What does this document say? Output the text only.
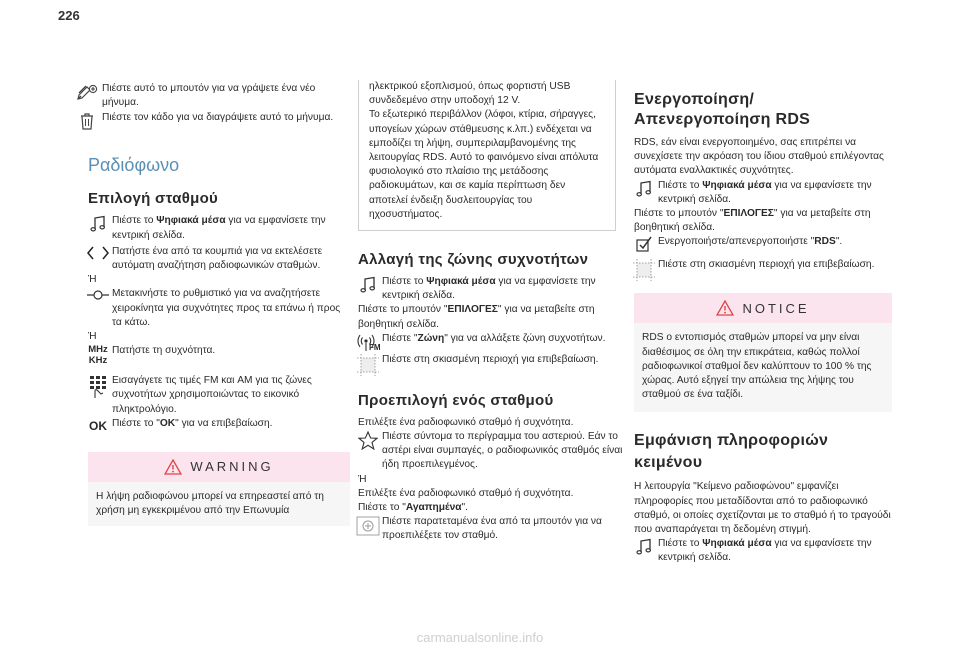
226

Πιέστε αυτό το μπουτόν για να γράψετε ένα νέο μήνυμα.

Πιέστε τον κάδο για να διαγράψετε αυτό το μήνυμα.

Ραδιόφωνο
Επιλογή σταθμού

Πιέστε το Ψηφιακά μέσα για να εμφανίσετε την κεντρική σελίδα.

Πατήστε ένα από τα κουμπιά για να εκτελέσετε αυτόματη αναζήτηση ραδιοφωνικών σταθμών.

Ή

Μετακινήστε το ρυθμιστικό για να αναζητήσετε χειροκίνητα για συχνότητες προς τα επάνω ή προς τα κάτω.

Ή

MHz
KHz

Πατήστε τη συχνότητα.

Εισαγάγετε τις τιμές FM και AM για τις ζώνες συχνοτήτων χρησιμοποιώντας το εικονικό πληκτρολόγιο.

OK Πιέστε το "OK" για να επιβεβαίωση.

WARNING

Η λήψη ραδιοφώνου μπορεί να επηρεαστεί από τη χρήση μη εγκεκριμένου από την Επωνυμία

ηλεκτρικού εξοπλισμού, όπως φορτιστή USB συνδεδεμένο στην υποδοχή 12 V.
Το εξωτερικό περιβάλλον (λόφοι, κτίρια, σήραγγες, υπογείων χώρων στάθμευσης κ.λπ.) ενδέχεται να εμποδίζει τη λήψη, συμπεριλαμβανομένης της λειτουργίας RDS. Αυτό το φαινόμενο είναι απόλυτα φυσιολογικό στο πλαίσιο της μετάδοσης ραδιοκυμάτων, και σε καμία περίπτωση δεν αποτελεί ένδειξη δυσλειτουργίας του ηχοσυστήματος.

Αλλαγή της ζώνης συχνοτήτων

Πιέστε το Ψηφιακά μέσα για να εμφανίσετε την κεντρική σελίδα.

Πιέστε το μπουτόν "ΕΠΙΛΟΓΕΣ" για να μεταβείτε στη βοηθητική σελίδα.

FM

Πιέστε "Ζώνη" για να αλλάξετε ζώνη συχνοτήτων.

Πιέστε στη σκιασμένη περιοχή για επιβεβαίωση.

Προεπιλογή ενός σταθμού

Επιλέξτε ένα ραδιοφωνικό σταθμό ή συχνότητα.

Πιέστε σύντομα το περίγραμμα του αστεριού. Εάν το αστέρι είναι συμπαγές, ο ραδιοφωνικός σταθμός είναι ήδη προεπιλεγμένος.

Ή

Επιλέξτε ένα ραδιοφωνικό σταθμό ή συχνότητα.

Πιέστε το "Αγαπημένα".

Πιέστε παρατεταμένα ένα από τα μπουτόν για να προεπιλέξετε τον σταθμό.

Ενεργοποίηση/
Απενεργοποίηση RDS

RDS, εάν είναι ενεργοποιημένο, σας επιτρέπει να συνεχίσετε την ακρόαση του ίδιου σταθμού επιλέγοντας αυτόματα εναλλακτικές συχνότητες.

Πιέστε το Ψηφιακά μέσα για να εμφανίσετε την κεντρική σελίδα.

Πιέστε το μπουτόν "ΕΠΙΛΟΓΕΣ" για να μεταβείτε στη βοηθητική σελίδα.

Ενεργοποιήστε/απενεργοποιήστε "RDS".

Πιέστε στη σκιασμένη περιοχή για επιβεβαίωση.

NOTICE

RDS ο εντοπισμός σταθμών μπορεί να μην είναι διαθέσιμος σε όλη την επικράτεια, καθώς πολλοί ραδιοφωνικοί σταθμοί δεν καλύπτουν το 100 % της χώρας. Αυτό εξηγεί την απώλεια της λήψης του σταθμού σε ένα ταξίδι.

Εμφάνιση πληροφοριών
κειμένου

Η λειτουργία "Κείμενο ραδιοφώνου" εμφανίζει πληροφορίες που μεταδίδονται από το ραδιοφωνικό σταθμό, οι οποίες σχετίζονται με το σταθμό ή το τραγούδι που αναπαράγεται τη δεδομένη στιγμή.

Πιέστε το Ψηφιακά μέσα για να εμφανίσετε την κεντρική σελίδα.

carmanualsonline.info
